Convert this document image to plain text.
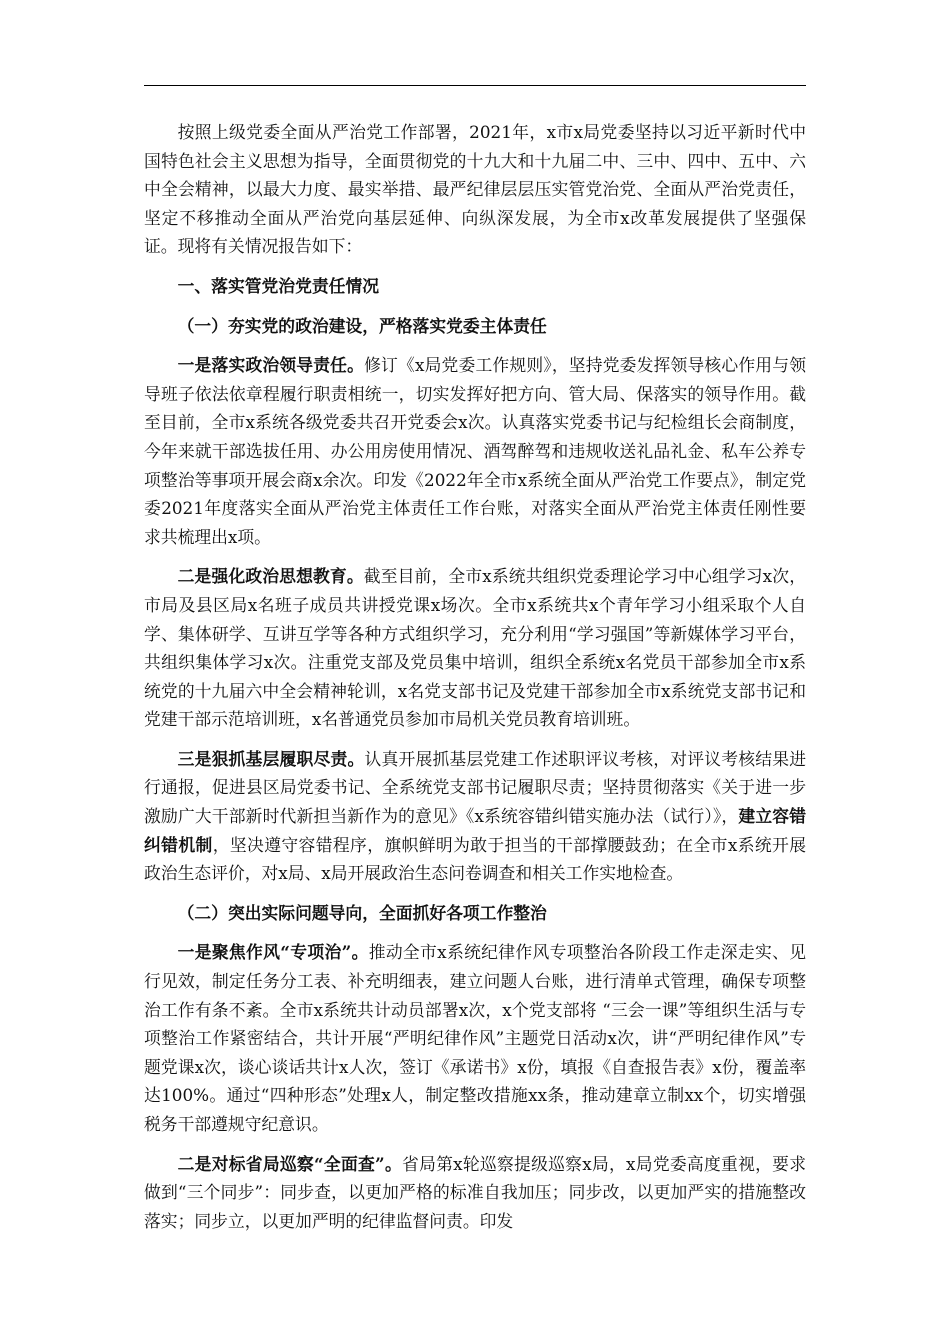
按照上级党委全面从严治党工作部署，2021年，x市x局党委坚持以习近平新时代中国特色社会主义思想为指导，全面贯彻党的十九大和十九届二中、三中、四中、五中、六中全会精神，以最大力度、最实举措、最严纪律层层压实管党治党、全面从严治党责任，坚定不移推动全面从严治党向基层延伸、向纵深发展，为全市x改革发展提供了坚强保证。现将有关情况报告如下：

一、落实管党治党责任情况

（一）夯实党的政治建设，严格落实党委主体责任

一是落实政治领导责任。修订《x局党委工作规则》，坚持党委发挥领导核心作用与领导班子依法依章程履行职责相统一，切实发挥好把方向、管大局、保落实的领导作用。截至目前，全市x系统各级党委共召开党委会x次。认真落实党委书记与纪检组长会商制度，今年来就干部选拔任用、办公用房使用情况、酒驾醉驾和违规收送礼品礼金、私车公养专项整治等事项开展会商x余次。印发《2022年全市x系统全面从严治党工作要点》，制定党委2021年度落实全面从严治党主体责任工作台账，对落实全面从严治党主体责任刚性要求共梳理出x项。

二是强化政治思想教育。截至目前，全市x系统共组织党委理论学习中心组学习x次，市局及县区局x名班子成员共讲授党课x场次。全市x系统共x个青年学习小组采取个人自学、集体研学、互讲互学等各种方式组织学习，充分利用“学习强国”等新媒体学习平台，共组织集体学习x次。注重党支部及党员集中培训，组织全系统x名党员干部参加全市x系统党的十九届六中全会精神轮训，x名党支部书记及党建干部参加全市x系统党支部书记和党建干部示范培训班，x名普通党员参加市局机关党员教育培训班。

三是狠抓基层履职尽责。认真开展抓基层党建工作述职评议考核，对评议考核结果进行通报，促进县区局党委书记、全系统党支部书记履职尽责；坚持贯彻落实《关于进一步激励广大干部新时代新担当新作为的意见》《x系统容错纠错实施办法（试行）》，建立容错纠错机制，坚决遵守容错程序，旗帜鲜明为敢于担当的干部撑腰鼓劲；在全市x系统开展政治生态评价，对x局、x局开展政治生态问卷调查和相关工作实地检查。

（二）突出实际问题导向，全面抓好各项工作整治

一是聚焦作风“专项治”。推动全市x系统纪律作风专项整治各阶段工作走深走实、见行见效，制定任务分工表、补充明细表，建立问题人台账，进行清单式管理，确保专项整治工作有条不紊。全市x系统共计动员部署x次，x个党支部将 “三会一课”等组织生活与专项整治工作紧密结合，共计开展“严明纪律作风”主题党日活动x次，讲“严明纪律作风”专题党课x次，谈心谈话共计x人次，签订《承诺书》x份，填报《自查报告表》x份，覆盖率达100%。通过“四种形态”处理x人，制定整改措施xx条，推动建章立制xx个，切实增强税务干部遵规守纪意识。

二是对标省局巡察“全面查”。省局第x轮巡察提级巡察x局，x局党委高度重视，要求做到“三个同步”：同步查，以更加严格的标准自我加压；同步改，以更加严实的措施整改落实；同步立，以更加严明的纪律监督问责。印发
